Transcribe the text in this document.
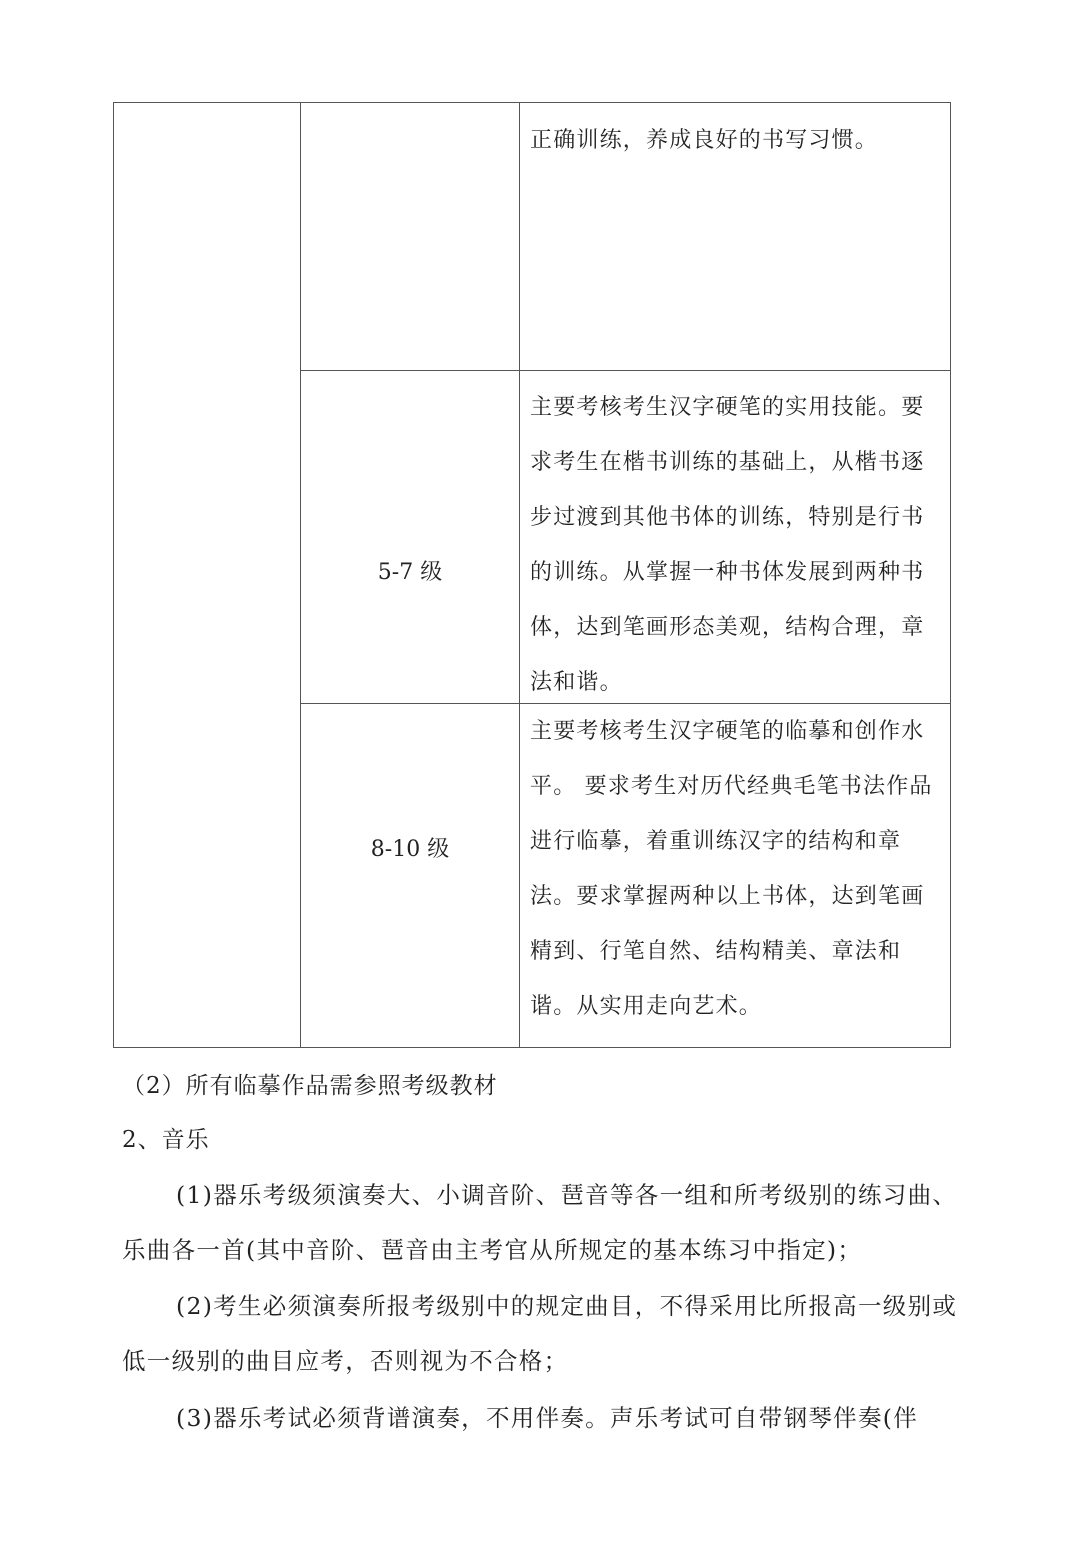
正确训练，养成良好的书写习惯。
5-7 级
主要考核考生汉字硬笔的实用技能。要求考生在楷书训练的基础上，从楷书逐步过渡到其他书体的训练，特别是行书的训练。从掌握一种书体发展到两种书体，达到笔画形态美观，结构合理，章法和谐。
8-10 级
主要考核考生汉字硬笔的临摹和创作水平。 要求考生对历代经典毛笔书法作品进行临摹，着重训练汉字的结构和章法。要求掌握两种以上书体，达到笔画精到、行笔自然、结构精美、章法和谐。从实用走向艺术。
（2）所有临摹作品需参照考级教材
2、音乐
(1)器乐考级须演奏大、小调音阶、琶音等各一组和所考级别的练习曲、乐曲各一首(其中音阶、琶音由主考官从所规定的基本练习中指定)；
(2)考生必须演奏所报考级别中的规定曲目，不得采用比所报高一级别或低一级别的曲目应考，否则视为不合格；
(3)器乐考试必须背谱演奏，不用伴奏。声乐考试可自带钢琴伴奏(伴
